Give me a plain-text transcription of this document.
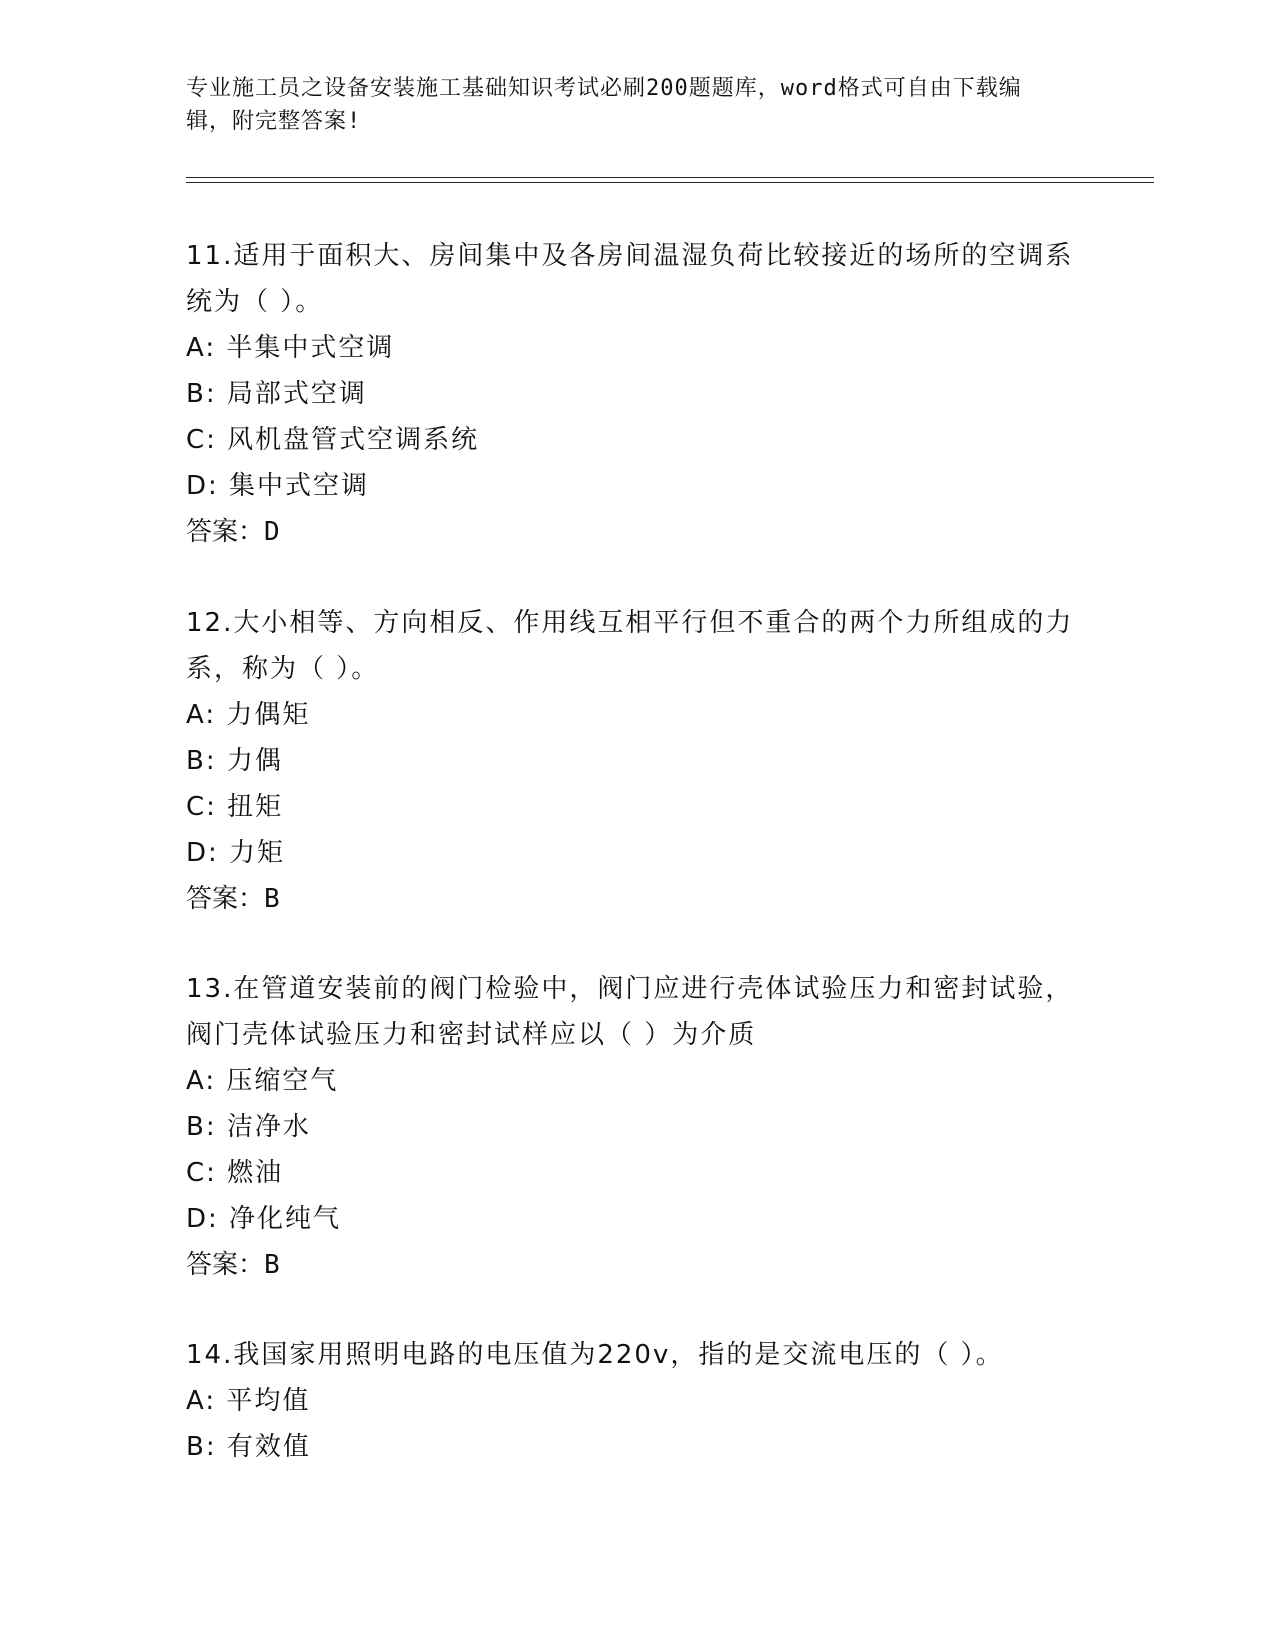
专业施工员之设备安装施工基础知识考试必刷200题题库，word格式可自由下载编辑，附完整答案!

11.适用于面积大、房间集中及各房间温湿负荷比较接近的场所的空调系统为（ ）。

A: 半集中式空调

B: 局部式空调

C: 风机盘管式空调系统

D: 集中式空调

答案：D

12.大小相等、方向相反、作用线互相平行但不重合的两个力所组成的力系，称为（ ）。

A: 力偶矩

B: 力偶

C: 扭矩

D: 力矩

答案：B

13.在管道安装前的阀门检验中，阀门应进行壳体试验压力和密封试验，阀门壳体试验压力和密封试样应以（ ）为介质

A: 压缩空气

B: 洁净水

C: 燃油

D: 净化纯气

答案：B

14.我国家用照明电路的电压值为220v，指的是交流电压的（ ）。

A: 平均值

B: 有效值
